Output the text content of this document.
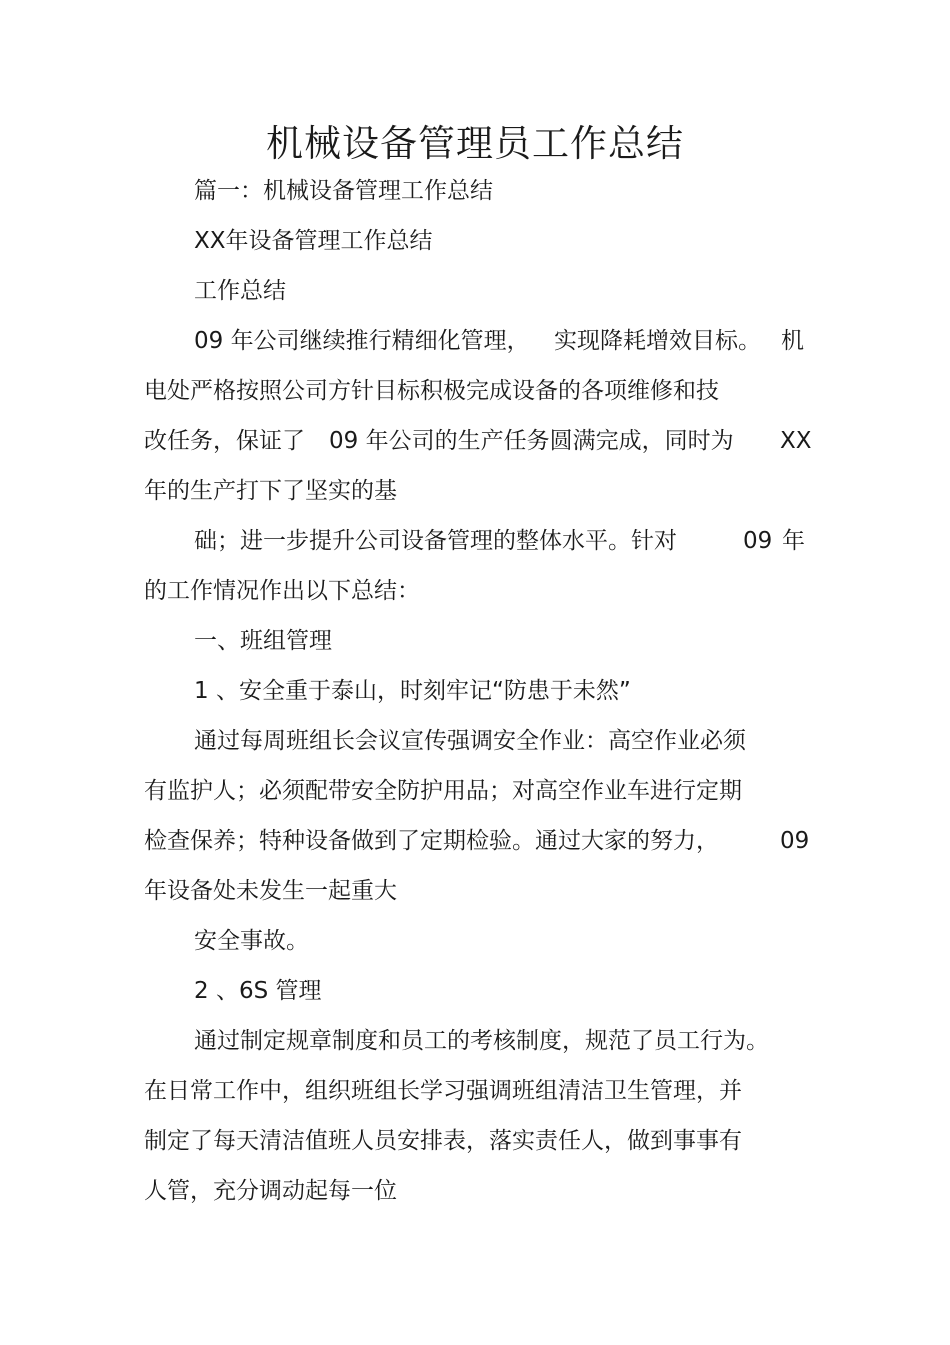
机械设备管理员工作总结

篇一：机械设备管理工作总结

XX年设备管理工作总结

工作总结

09 年公司继续推行精细化管理， 实现降耗增效目标。 机

电处严格按照公司方针目标积极完成设备的各项维修和技

改任务，保证了 09 年公司的生产任务圆满完成，同时为 XX

年的生产打下了坚实的基

础；进一步提升公司设备管理的整体水平。针对	09 年

的工作情况作出以下总结：

一、班组管理

1 、安全重于泰山，时刻牢记“防患于未然”

通过每周班组长会议宣传强调安全作业：高空作业必须

有监护人；必须配带安全防护用品；对高空作业车进行定期

检查保养；特种设备做到了定期检验。通过大家的努力，	09

年设备处未发生一起重大

安全事故。

2 、6S 管理

通过制定规章制度和员工的考核制度，规范了员工行为。

在日常工作中，组织班组长学习强调班组清洁卫生管理，并

制定了每天清洁值班人员安排表，落实责任人，做到事事有

人管，充分调动起每一位
